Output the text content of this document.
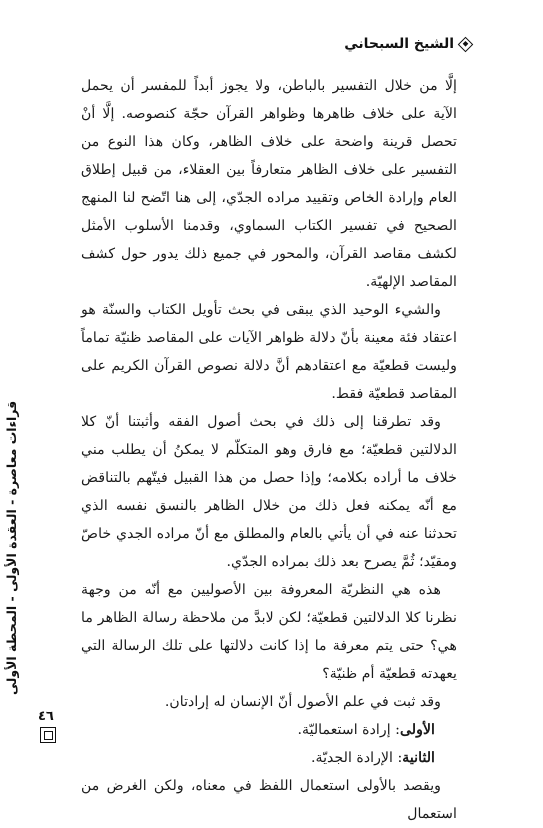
الشيخ السبحاني

إلَّا من خلال التفسير بالباطن، ولا يجوز أبداً للمفسر أن يحمل الآية على خلاف ظاهرها وظواهر القرآن حجّة كنصوصه. إلَّا أنْ تحصل قرينة واضحة على خلاف الظاهر، وكان هذا النوع من التفسير على خلاف الظاهر متعارفاً بين العقلاء، من قبيل إطلاق العام وإرادة الخاص وتقييد مراده الجدّي، إلى هنا اتّضح لنا المنهج الصحيح في تفسير الكتاب السماوي، وقدمنا الأسلوب الأمثل لكشف مقاصد القرآن، والمحور في جميع ذلك يدور حول كشف المقاصد الإلهيّة.

والشيء الوحيد الذي يبقى في بحث تأويل الكتاب والسنّة هو اعتقاد فئة معينة بأنّ دلالة ظواهر الآيات على المقاصد ظنيّة تماماً وليست قطعيّة مع اعتقادهم أنَّ دلالة نصوص القرآن الكريم على المقاصد قطعيّة فقط.

وقد تطرقنا إلى ذلك في بحث أصول الفقه وأثبتنا أنّ كلا الدلالتين قطعيّة؛ مع فارق وهو المتكلّم لا يمكنُ أن يطلب مني خلاف ما أراده بكلامه؛ وإذا حصل من هذا القبيل فيتّهم بالتناقض مع أنّه يمكنه فعل ذلك من خلال الظاهر بالنسق نفسه الذي تحدثنا عنه في أن يأتي بالعام والمطلق مع أنّ مراده الجدي خاصّ ومقيّد؛ ثُمَّ يصرح بعد ذلك بمراده الجدّي.

هذه هي النظريّة المعروفة بين الأصوليين مع أنّه من وجهة نظرنا كلا الدلالتين قطعيّة؛ لكن لابدَّ من ملاحظة رسالة الظاهر ما هي؟ حتى يتم معرفة ما إذا كانت دلالتها على تلك الرسالة التي يعهدته قطعيّة أم ظنيّة؟

وقد ثبت في علم الأصول أنّ الإنسان له إرادتان.

الأولى: إرادة استعماليّة.

الثانية: الإرادة الجديّة.

ويقصد بالأولى استعمال اللفظ في معناه، ولكن الغرض من استعمال

قراءات معاصرة - العقدة الأولى - المحطة الأولى
٤٦
